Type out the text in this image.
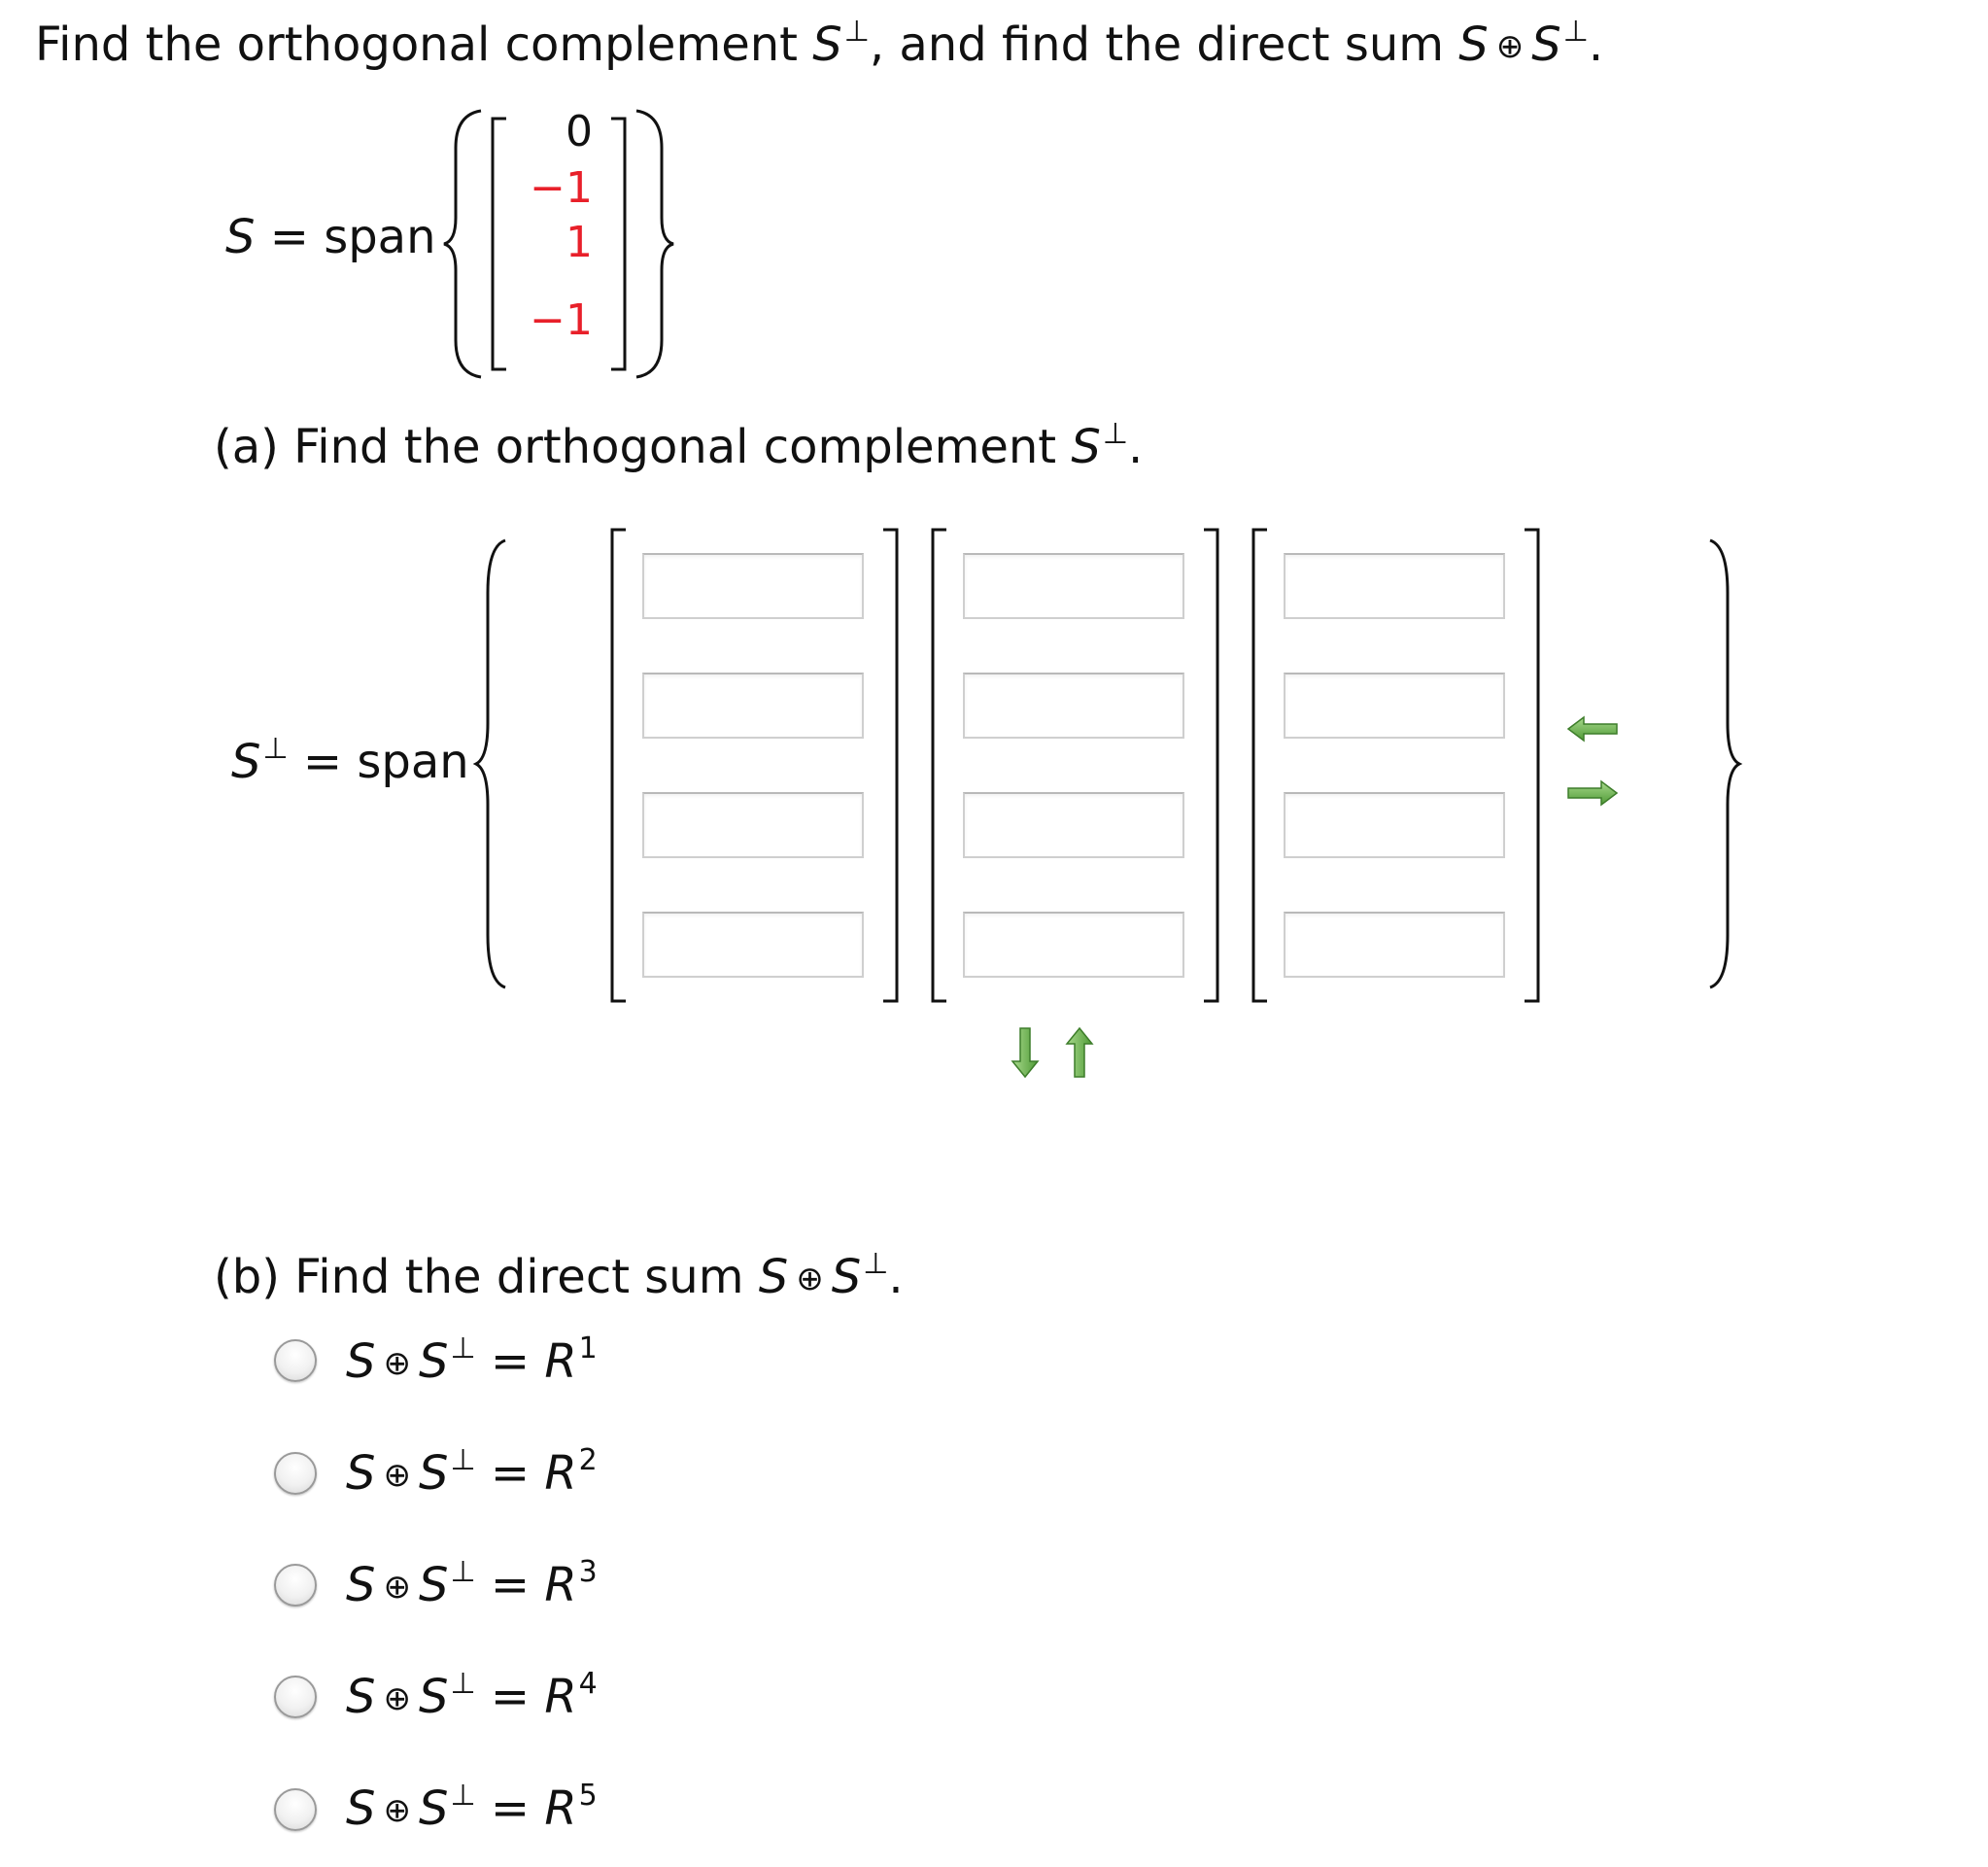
Find the orthogonal complement S⊥, and find the direct sum S ⊕ S⊥.
S = span
0
−1
1
−1
(a) Find the orthogonal complement S⊥.
S⊥ = span
(b) Find the direct sum S ⊕ S⊥.
S ⊕ $S^\perp = R^1$
S ⊕ $S^\perp = R^2$
S ⊕ $S^\perp = R^3$
S ⊕ $S^\perp = R^4$
S ⊕ $S^\perp = R^5$
